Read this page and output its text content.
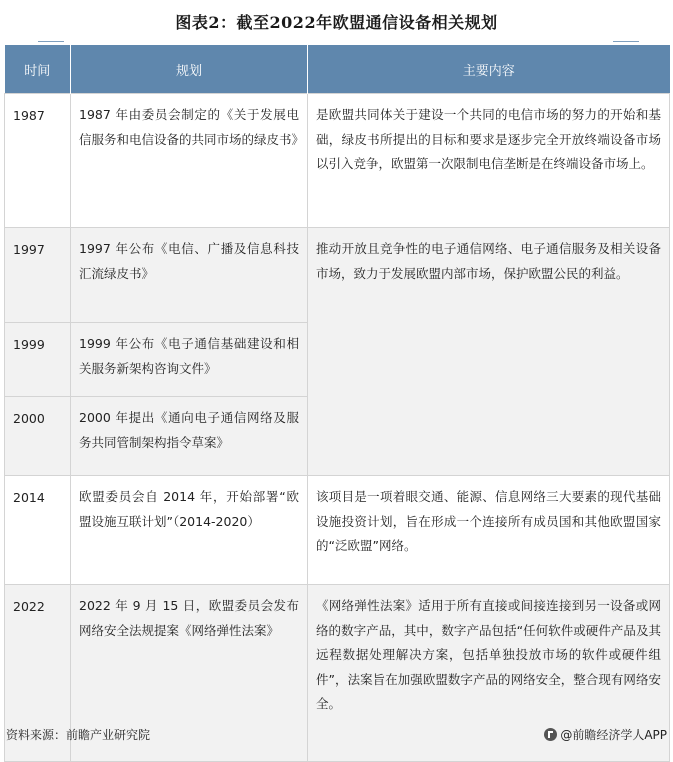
图表2：截至2022年欧盟通信设备相关规划
时间	规划	主要内容
1987	1987 年由委员会制定的《关于发展电信服务和电信设备的共同市场的绿皮书》	是欧盟共同体关于建设一个共同的电信市场的努力的开始和基础，绿皮书所提出的目标和要求是逐步完全开放终端设备市场以引入竞争，欧盟第一次限制电信垄断是在终端设备市场上。
1997	1997 年公布《电信、广播及信息科技汇流绿皮书》	推动开放且竞争性的电子通信网络、电子通信服务及相关设备市场，致力于发展欧盟内部市场，保护欧盟公民的利益。
1999	1999 年公布《电子通信基础建设和相关服务新架构咨询文件》	
2000	2000 年提出《通向电子通信网络及服务共同管制架构指令草案》	
2014	欧盟委员会自 2014 年，开始部署“欧盟设施互联计划”（2014-2020）	该项目是一项着眼交通、能源、信息网络三大要素的现代基础设施投资计划，旨在形成一个连接所有成员国和其他欧盟国家的“泛欧盟”网络。
2022	2022 年 9 月 15 日，欧盟委员会发布网络安全法规提案《网络弹性法案》	《网络弹性法案》适用于所有直接或间接连接到另一设备或网络的数字产品，其中，数字产品包括“任何软件或硬件产品及其远程数据处理解决方案，包括单独投放市场的软件或硬件组件”，法案旨在加强欧盟数字产品的网络安全，整合现有网络安全。
资料来源：前瞻产业研究院	@前瞻经济学人APP
